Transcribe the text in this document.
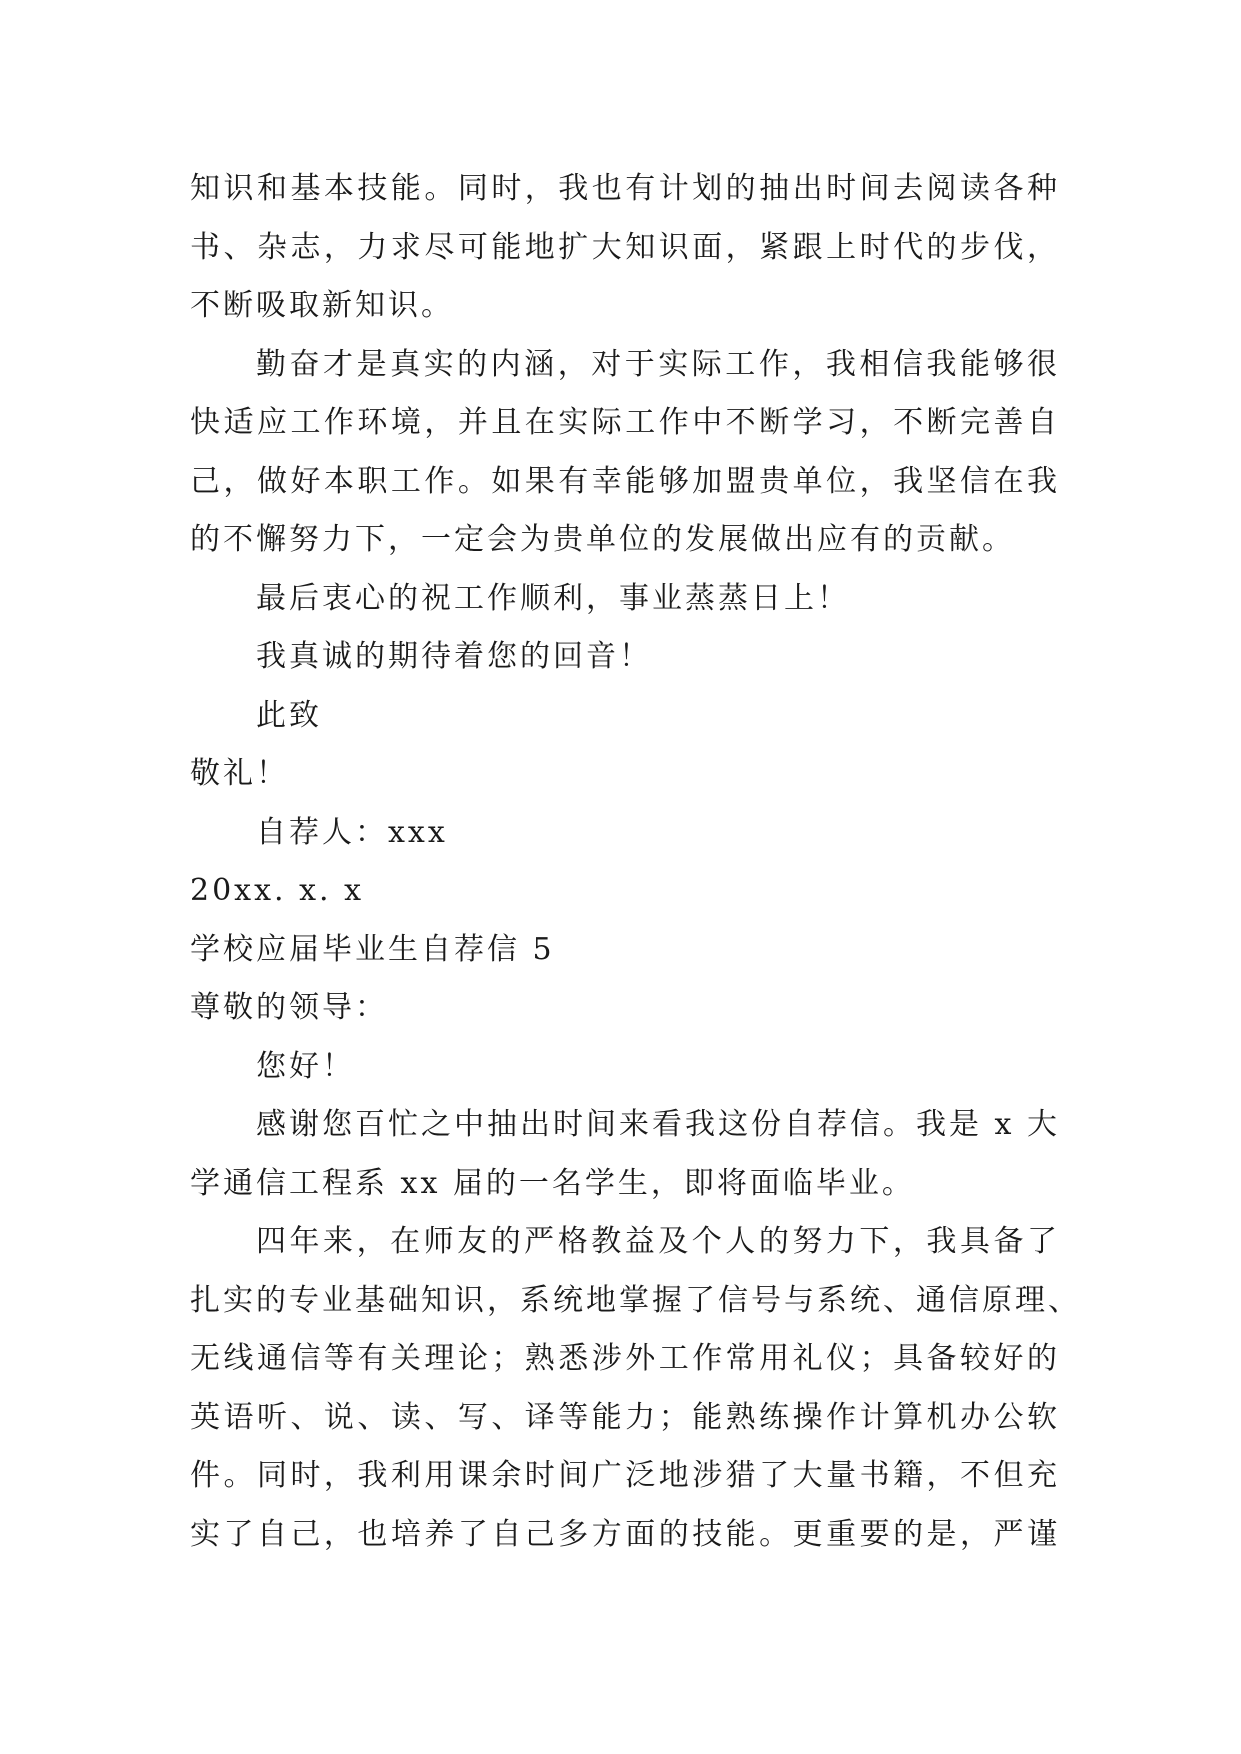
知识和基本技能。同时，我也有计划的抽出时间去阅读各种
书、杂志，力求尽可能地扩大知识面，紧跟上时代的步伐，
不断吸取新知识。
勤奋才是真实的内涵，对于实际工作，我相信我能够很
快适应工作环境，并且在实际工作中不断学习，不断完善自
己，做好本职工作。如果有幸能够加盟贵单位，我坚信在我
的不懈努力下，一定会为贵单位的发展做出应有的贡献。
最后衷心的祝工作顺利，事业蒸蒸日上！
我真诚的期待着您的回音！
此致
敬礼！
自荐人：xxx
20xx. x. x
学校应届毕业生自荐信 5
尊敬的领导：
您好！
感谢您百忙之中抽出时间来看我这份自荐信。我是 x 大
学通信工程系 xx 届的一名学生，即将面临毕业。
四年来，在师友的严格教益及个人的努力下，我具备了
扎实的专业基础知识，系统地掌握了信号与系统、通信原理、
无线通信等有关理论；熟悉涉外工作常用礼仪；具备较好的
英语听、说、读、写、译等能力；能熟练操作计算机办公软
件。同时，我利用课余时间广泛地涉猎了大量书籍，不但充
实了自己，也培养了自己多方面的技能。更重要的是，严谨
